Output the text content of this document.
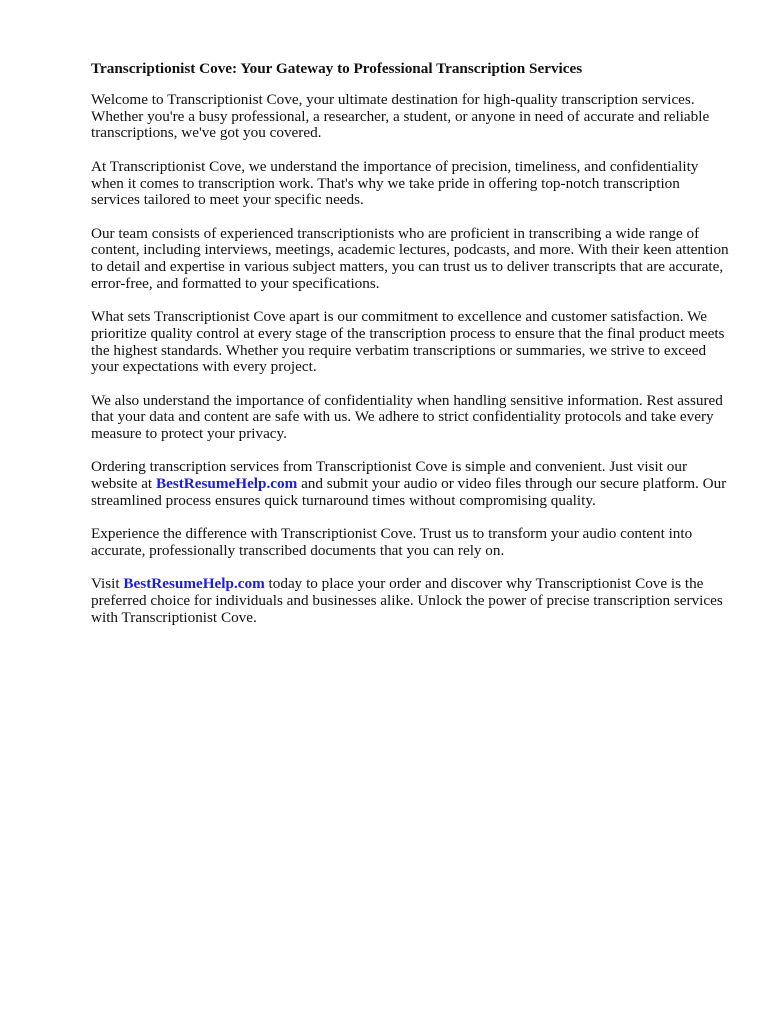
Transcriptionist Cove: Your Gateway to Professional Transcription Services

Welcome to Transcriptionist Cove, your ultimate destination for high-quality transcription services. Whether you're a busy professional, a researcher, a student, or anyone in need of accurate and reliable transcriptions, we've got you covered.

At Transcriptionist Cove, we understand the importance of precision, timeliness, and confidentiality when it comes to transcription work. That's why we take pride in offering top-notch transcription services tailored to meet your specific needs.

Our team consists of experienced transcriptionists who are proficient in transcribing a wide range of content, including interviews, meetings, academic lectures, podcasts, and more. With their keen attention to detail and expertise in various subject matters, you can trust us to deliver transcripts that are accurate, error-free, and formatted to your specifications.

What sets Transcriptionist Cove apart is our commitment to excellence and customer satisfaction. We prioritize quality control at every stage of the transcription process to ensure that the final product meets the highest standards. Whether you require verbatim transcriptions or summaries, we strive to exceed your expectations with every project.

We also understand the importance of confidentiality when handling sensitive information. Rest assured that your data and content are safe with us. We adhere to strict confidentiality protocols and take every measure to protect your privacy.

Ordering transcription services from Transcriptionist Cove is simple and convenient. Just visit our website at BestResumeHelp.com and submit your audio or video files through our secure platform. Our streamlined process ensures quick turnaround times without compromising quality.

Experience the difference with Transcriptionist Cove. Trust us to transform your audio content into accurate, professionally transcribed documents that you can rely on.

Visit BestResumeHelp.com today to place your order and discover why Transcriptionist Cove is the preferred choice for individuals and businesses alike. Unlock the power of precise transcription services with Transcriptionist Cove.
